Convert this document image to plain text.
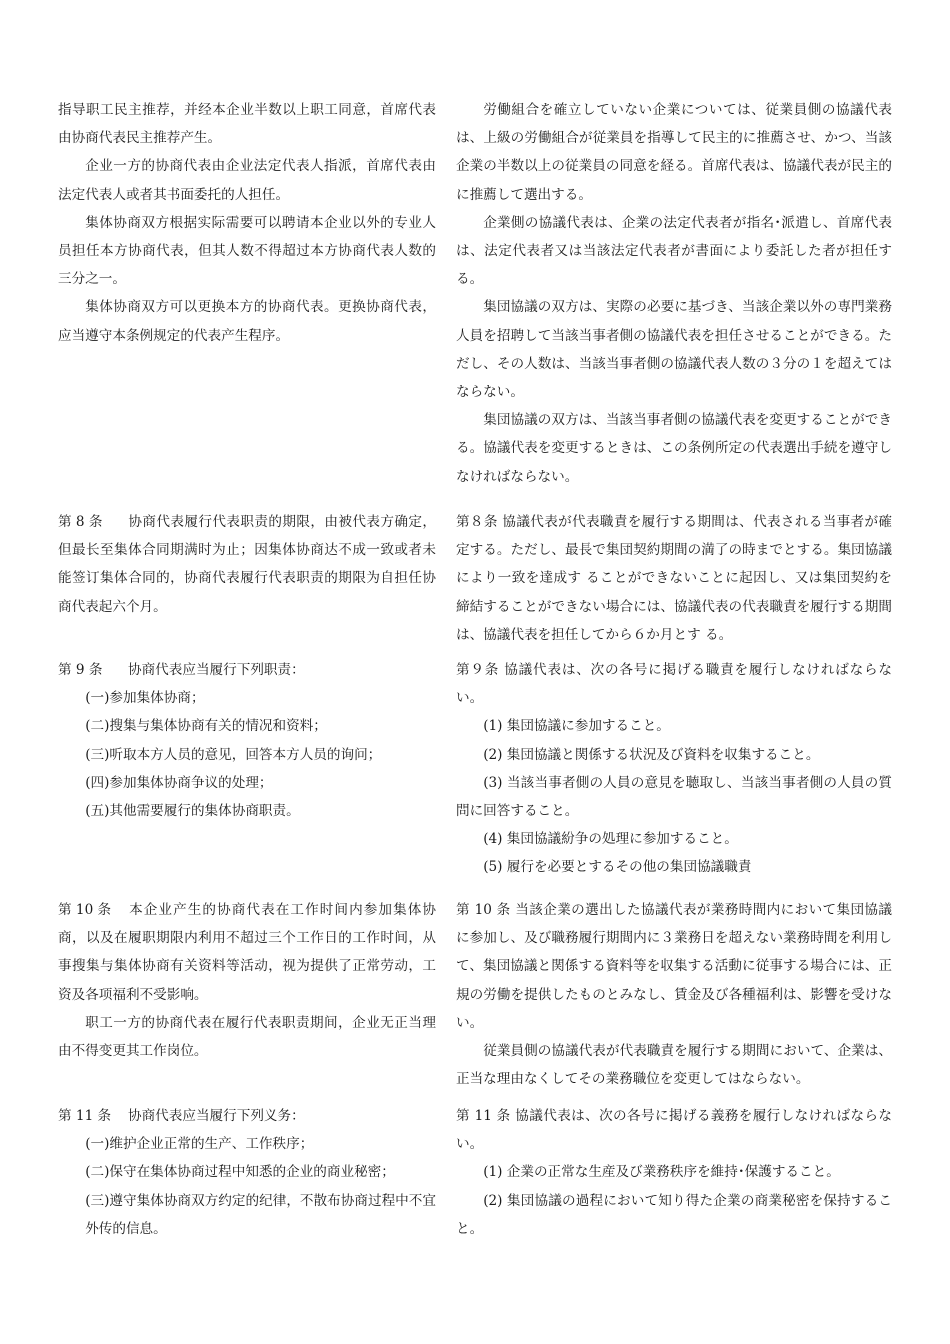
指导职工民主推荐，并经本企业半数以上职工同意，首席代表由协商代表民主推荐产生。

企业一方的协商代表由企业法定代表人指派，首席代表由法定代表人或者其书面委托的人担任。

集体协商双方根据实际需要可以聘请本企业以外的专业人员担任本方协商代表，但其人数不得超过本方协商代表人数的三分之一。

集体协商双方可以更换本方的协商代表。更换协商代表，应当遵守本条例规定的代表产生程序。

第 8 条 协商代表履行代表职责的期限，由被代表方确定，但最长至集体合同期满时为止；因集体协商达不成一致或者未能签订集体合同的，协商代表履行代表职责的期限为自担任协商代表起六个月。

第 9 条 协商代表应当履行下列职责：

(一)参加集体协商；

(二)搜集与集体协商有关的情况和资料；

(三)听取本方人员的意见，回答本方人员的询问；

(四)参加集体协商争议的处理；

(五)其他需要履行的集体协商职责。

第 10 条 本企业产生的协商代表在工作时间内参加集体协商，以及在履职期限内利用不超过三个工作日的工作时间，从事搜集与集体协商有关资料等活动，视为提供了正常劳动，工资及各项福利不受影响。

职工一方的协商代表在履行代表职责期间，企业无正当理由不得变更其工作岗位。

第 11 条 协商代表应当履行下列义务：

(一)维护企业正常的生产、工作秩序；

(二)保守在集体协商过程中知悉的企业的商业秘密；

(三)遵守集体协商双方约定的纪律，不散布协商过程中不宜外传的信息。

労働組合を確立していない企業については、従業員側の協議代表は、上級の労働組合が従業員を指導して民主的に推薦させ、かつ、当該企業の半数以上の従業員の同意を経る。首席代表は、協議代表が民主的に推薦して選出する。

企業側の協議代表は、企業の法定代表者が指名･派遣し、首席代表は、法定代表者又は当該法定代表者が書面により委託した者が担任する。

集団協議の双方は、実際の必要に基づき、当該企業以外の専門業務人員を招聘して当該当事者側の協議代表を担任させることができる。ただし、その人数は、当該当事者側の協議代表人数の３分の１を超えてはならない。

集団協議の双方は、当該当事者側の協議代表を変更することができる。協議代表を変更するときは、この条例所定の代表選出手続を遵守しなければならない。

第８条 協議代表が代表職責を履行する期間は、代表される当事者が確定する。ただし、最長で集団契約期間の満了の時までとする。集団協議により一致を達成す ることができないことに起因し、又は集団契約を締結することができない場合には、協議代表の代表職責を履行する期間は、協議代表を担任してから６か月とす る。

第９条 協議代表は、次の各号に掲げる職責を履行しなければならない。

(1) 集団協議に参加すること。

(2) 集団協議と関係する状況及び資料を収集すること。

(3) 当該当事者側の人員の意見を聴取し、当該当事者側の人員の質問に回答すること。

(4) 集団協議紛争の処理に参加すること。

(5) 履行を必要とするその他の集団協議職責

第 10 条 当該企業の選出した協議代表が業務時間内において集団協議に参加し、及び職務履行期間内に３業務日を超えない業務時間を利用して、集団協議と関係する資料等を収集する活動に従事する場合には、正規の労働を提供したものとみなし、賃金及び各種福利は、影響を受けない。

従業員側の協議代表が代表職責を履行する期間において、企業は、正当な理由なくしてその業務職位を変更してはならない。

第 11 条 協議代表は、次の各号に掲げる義務を履行しなければならない。

(1) 企業の正常な生産及び業務秩序を維持･保護すること。

(2) 集団協議の過程において知り得た企業の商業秘密を保持すること。
